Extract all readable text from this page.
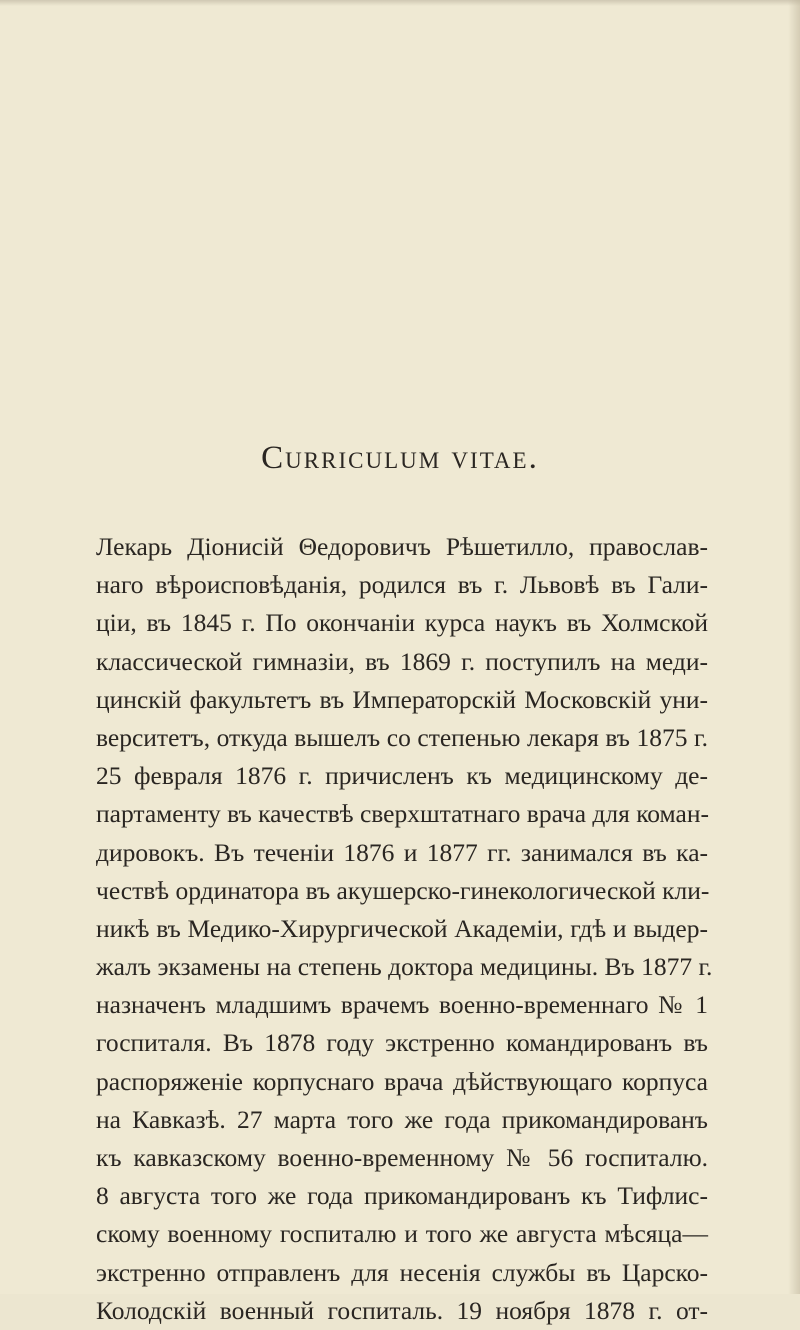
Curriculum vitae.
Лекарь Діонисій Θедоровичъ Рѣшетилло, православ-
наго вѣроисповѣданія, родился въ г. Львовѣ въ Гали-
ціи, въ 1845 г. По окончаніи курса наукъ въ Холмской
классической гимназіи, въ 1869 г. поступилъ на меди-
цинскій факультетъ въ Императорскій Московскій уни-
верситетъ, откуда вышелъ со степенью лекаря въ 1875 г.
25 февраля 1876 г. причисленъ къ медицинскому де-
партаменту въ качествѣ сверхштатнаго врача для коман-
дировокъ. Въ теченіи 1876 и 1877 гг. занимался въ ка-
чествѣ ординатора въ акушерско-гинекологической кли-
никѣ въ Медико-Хирургической Академіи, гдѣ и выдер-
жалъ экзамены на степень доктора медицины. Въ 1877 г.
назначенъ младшимъ врачемъ военно-временнаго № 1
госпиталя. Въ 1878 году экстренно командированъ въ
распоряженіе корпуснаго врача дѣйствующаго корпуса
на Кавказѣ. 27 марта того же года прикомандированъ
къ кавказскому военно-временному № 56 госпиталю.
8 августа того же года прикомандированъ къ Тифлис-
скому военному госпиталю и того же августа мѣсяца—
экстренно отправленъ для несенія службы въ Царско-
Колодскій военный госпиталь. 19 ноября 1878 г. от-
